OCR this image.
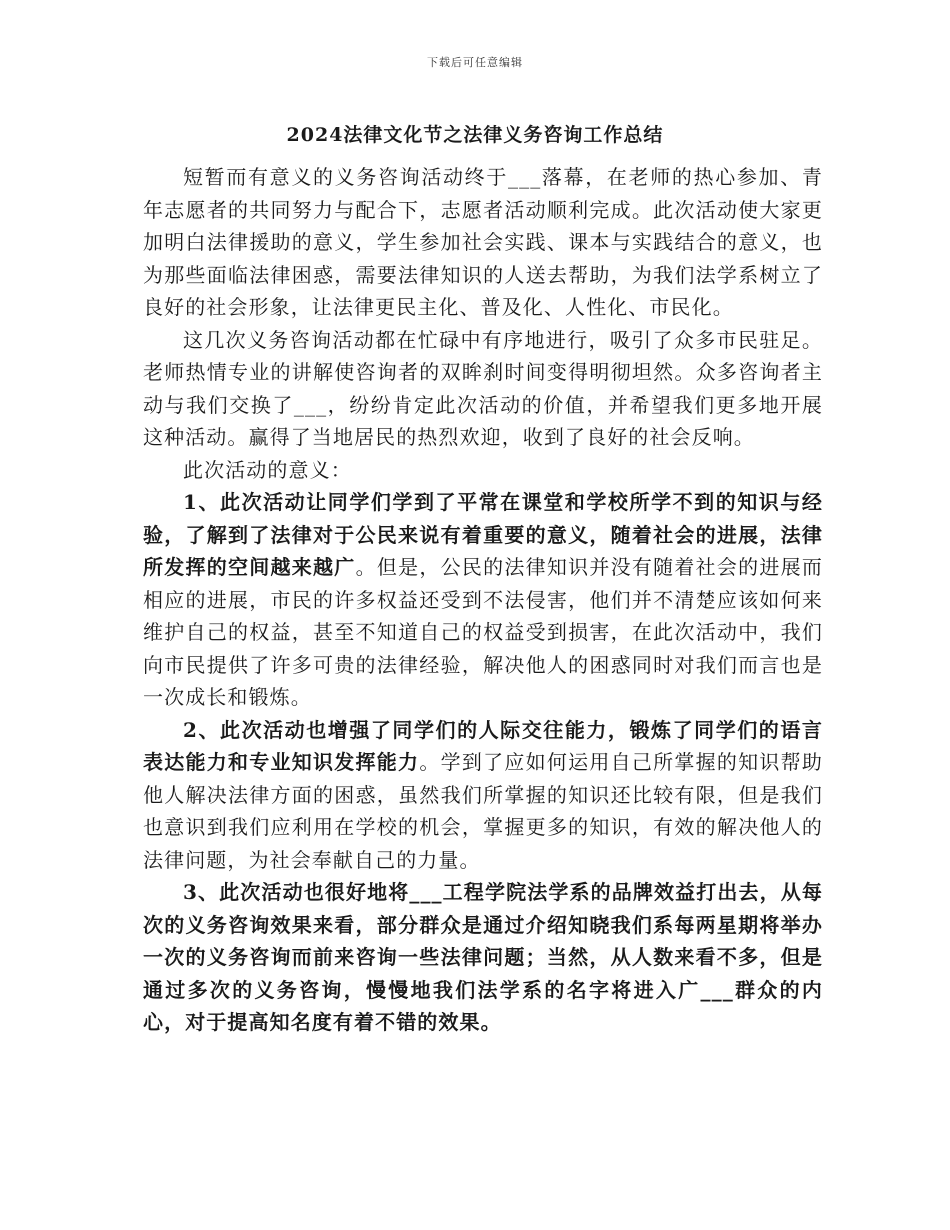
下载后可任意编辑
2024法律文化节之法律义务咨询工作总结

短暂而有意义的义务咨询活动终于___落幕，在老师的热心参加、青年志愿者的共同努力与配合下，志愿者活动顺利完成。此次活动使大家更加明白法律援助的意义，学生参加社会实践、课本与实践结合的意义，也为那些面临法律困惑，需要法律知识的人送去帮助，为我们法学系树立了良好的社会形象，让法律更民主化、普及化、人性化、市民化。

这几次义务咨询活动都在忙碌中有序地进行，吸引了众多市民驻足。老师热情专业的讲解使咨询者的双眸刹时间变得明彻坦然。众多咨询者主动与我们交换了___，纷纷肯定此次活动的价值，并希望我们更多地开展这种活动。赢得了当地居民的热烈欢迎，收到了良好的社会反响。

此次活动的意义：

1、此次活动让同学们学到了平常在课堂和学校所学不到的知识与经验，了解到了法律对于公民来说有着重要的意义，随着社会的进展，法律所发挥的空间越来越广。但是，公民的法律知识并没有随着社会的进展而相应的进展，市民的许多权益还受到不法侵害，他们并不清楚应该如何来维护自己的权益，甚至不知道自己的权益受到损害，在此次活动中，我们向市民提供了许多可贵的法律经验，解决他人的困惑同时对我们而言也是一次成长和锻炼。

2、此次活动也增强了同学们的人际交往能力，锻炼了同学们的语言表达能力和专业知识发挥能力。学到了应如何运用自己所掌握的知识帮助他人解决法律方面的困惑，虽然我们所掌握的知识还比较有限，但是我们也意识到我们应利用在学校的机会，掌握更多的知识，有效的解决他人的法律问题，为社会奉献自己的力量。

3、此次活动也很好地将___工程学院法学系的品牌效益打出去，从每次的义务咨询效果来看，部分群众是通过介绍知晓我们系每两星期将举办一次的义务咨询而前来咨询一些法律问题；当然，从人数来看不多，但是通过多次的义务咨询，慢慢地我们法学系的名字将进入广___群众的内心，对于提高知名度有着不错的效果。
